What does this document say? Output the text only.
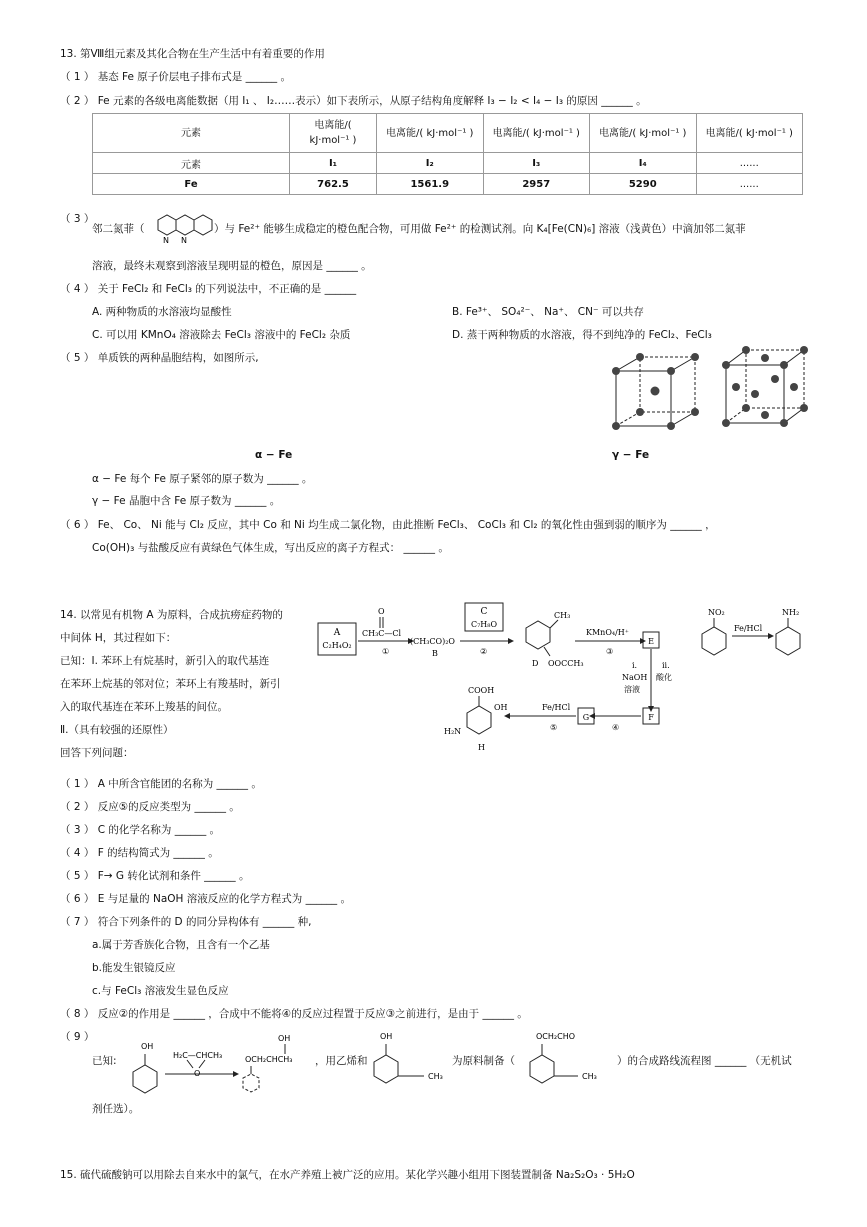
13. 第Ⅷ组元素及其化合物在生产生活中有着重要的作用
（ 1 ） 基态 Fe 原子价层电子排布式是 ______ 。
（ 2 ） Fe 元素的各级电离能数据（用 I₁ 、 I₂……表示）如下表所示，从原子结构角度解释 I₃ − I₂ < I₄ − I₃ 的原因 ______ 。
元素	电离能/( kJ·mol⁻¹ )	电离能/( kJ·mol⁻¹ )	电离能/( kJ·mol⁻¹ )	电离能/( kJ·mol⁻¹ )	电离能/( kJ·mol⁻¹ )
元素	I₁	I₂	I₃	I₄	......
Fe	762.5	1561.9	2957	5290	......
（ 3 ）
邻二氮菲（
N N
）与 Fe²⁺ 能够生成稳定的橙色配合物，可用做 Fe²⁺ 的检测试剂。向 K₄[Fe(CN)₆] 溶液（浅黄色）中滴加邻二氮菲
溶液，最终未观察到溶液呈现明显的橙色，原因是 ______ 。
（ 4 ） 关于 FeCl₂ 和 FeCl₃ 的下列说法中，不正确的是 ______
A. 两种物质的水溶液均显酸性	B. Fe³⁺、 SO₄²⁻、 Na⁺、 CN⁻ 可以共存
C. 可以用 KMnO₄ 溶液除去 FeCl₃ 溶液中的 FeCl₂ 杂质	D. 蒸干两种物质的水溶液，得不到纯净的 FeCl₂、FeCl₃
（ 5 ） 单质铁的两种晶胞结构，如图所示,
α − Fe	γ − Fe
α − Fe 每个 Fe 原子紧邻的原子数为 ______ 。
γ − Fe 晶胞中含 Fe 原子数为 ______ 。
（ 6 ） Fe、 Co、 Ni 能与 Cl₂ 反应，其中 Co 和 Ni 均生成二氯化物，由此推断 FeCl₃、 CoCl₃ 和 Cl₂ 的氧化性由强到弱的顺序为 ______ ，
Co(OH)₃ 与盐酸反应有黄绿色气体生成，写出反应的离子方程式： ______ 。
14. 以常见有机物 A 为原料，合成抗痨症药物的
中间体 H，其过程如下：
已知：Ⅰ. 苯环上有烷基时，新引入的取代基连
在苯环上烷基的邻对位；苯环上有羧基时，新引
入的取代基连在苯环上羧基的间位。
Ⅱ.（具有较强的还原性）
回答下列问题：
A
C₂H₄O₂
O
CH₃C—Cl
①
(CH₃CO)₂O
B
C
C₇H₈O
②
CH₃
OOCCH₃
D
KMnO₄/H⁺
③
E
i.
NaOH
溶液
ii.
酸化
F
④
G
Fe/HCl
⑤
COOH
OH
H₂N
H
NO₂
Fe/HCl
NH₂
（ 1 ） A 中所含官能团的名称为 ______ 。
（ 2 ） 反应⑤的反应类型为 ______ 。
（ 3 ） C 的化学名称为 ______ 。
（ 4 ） F 的结构简式为 ______ 。
（ 5 ） F→ G 转化试剂和条件 ______ 。
（ 6 ） E 与足量的 NaOH 溶液反应的化学方程式为 ______ 。
（ 7 ） 符合下列条件的 D 的同分异构体有 ______ 种,
a.属于芳香族化合物，且含有一个乙基
b.能发生银镜反应
c.与 FeCl₃ 溶液发生显色反应
（ 8 ） 反应②的作用是 ______ ，合成中不能将④的反应过程置于反应③之前进行，是由于 ______ 。
（ 9 ）
已知:
OH
H₂C—CHCH₃
O
OH
OCH₂CHCH₃ ，用乙烯和
OH
CH₃
为原料制备（
OCH₂CHO
CH₃
）的合成路线流程图 ______ （无机试
剂任选）。
15. 硫代硫酸钠可以用除去自来水中的氯气，在水产养殖上被广泛的应用。某化学兴趣小组用下图装置制备 Na₂S₂O₃ · 5H₂O
